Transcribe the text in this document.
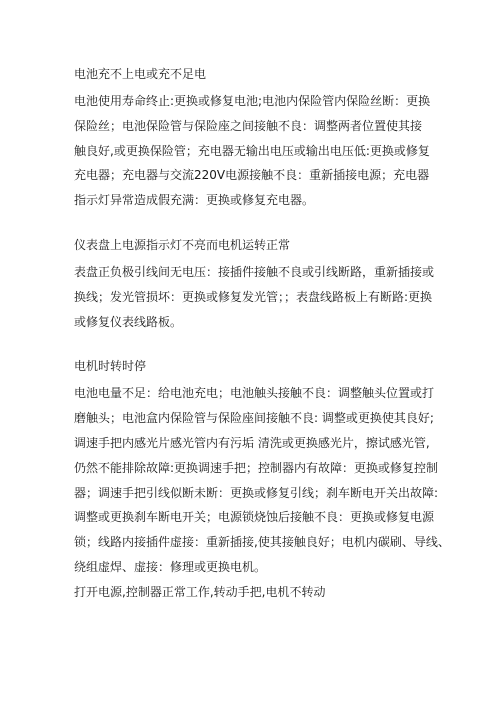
电池充不上电或充不足电
电池使用寿命终止:更换或修复电池;电池内保险管内保险丝断：更换
保险丝；电池保险管与保险座之间接触不良：调整两者位置使其接
触良好,或更换保险管；充电器无输出电压或输出电压低:更换或修复
充电器；充电器与交流220V电源接触不良：重新插接电源；充电器
指示灯异常造成假充满：更换或修复充电器。
仪表盘上电源指示灯不亮而电机运转正常
表盘正负极引线间无电压：接插件接触不良或引线断路，重新插接或
换线；发光管损坏：更换或修复发光管；；表盘线路板上有断路:更换
或修复仪表线路板。
电机时转时停
电池电量不足：给电池充电；电池触头接触不良：调整触头位置或打
磨触头；电池盒内保险管与保险座间接触不良: 调整或更换使其良好;
调速手把内感光片感光管内有污垢 清洗或更换感光片，擦试感光管,
仍然不能排除故障:更换调速手把；控制器内有故障：更换或修复控制
器；调速手把引线似断未断：更换或修复引线；刹车断电开关出故障:
调整或更换刹车断电开关；电源锁烧蚀后接触不良：更换或修复电源
锁；线路内接插件虚接：重新插接,使其接触良好；电机内碳刷、导线、
绕组虚焊、虚接：修理或更换电机。
打开电源,控制器正常工作,转动手把,电机不转动
